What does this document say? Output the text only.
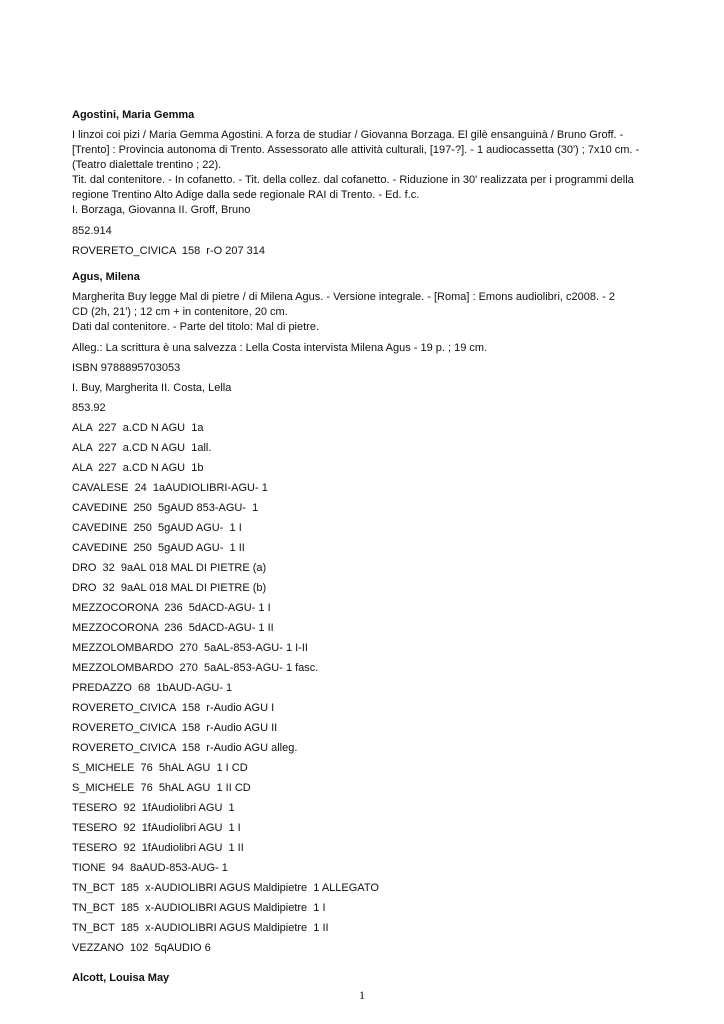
Agostini, Maria Gemma
I linzoi coi pizi / Maria Gemma Agostini. A forza de studiar / Giovanna Borzaga. El gilè ensanguinà / Bruno Groff. -
[Trento] : Provincia autonoma di Trento. Assessorato alle attività culturali, [197-?]. - 1 audiocassetta (30') ; 7x10 cm. -
(Teatro dialettale trentino ; 22).
Tit. dal contenitore. - In cofanetto. - Tit. della collez. dal cofanetto. - Riduzione in 30' realizzata per i programmi della
regione Trentino Alto Adige dalla sede regionale RAI di Trento. - Ed. f.c.
I. Borzaga, Giovanna II. Groff, Bruno
852.914
ROVERETO_CIVICA  158  r-O 207 314
Agus, Milena
Margherita Buy legge Mal di pietre / di Milena Agus. - Versione integrale. - [Roma] : Emons audiolibri, c2008. - 2
CD (2h, 21') ; 12 cm + in contenitore, 20 cm.
Dati dal contenitore. - Parte del titolo: Mal di pietre.
Alleg.: La scrittura è una salvezza : Lella Costa intervista Milena Agus - 19 p. ; 19 cm.
ISBN 9788895703053
I. Buy, Margherita II. Costa, Lella
853.92
ALA  227  a.CD N AGU  1a
ALA  227  a.CD N AGU  1all.
ALA  227  a.CD N AGU  1b
CAVALESE  24  1aAUDIOLIBRI-AGU- 1
CAVEDINE  250  5gAUD 853-AGU-  1
CAVEDINE  250  5gAUD AGU-  1 I
CAVEDINE  250  5gAUD AGU-  1 II
DRO  32  9aAL 018 MAL DI PIETRE (a)
DRO  32  9aAL 018 MAL DI PIETRE (b)
MEZZOCORONA  236  5dACD-AGU- 1 I
MEZZOCORONA  236  5dACD-AGU- 1 II
MEZZOLOMBARDO  270  5aAL-853-AGU- 1 I-II
MEZZOLOMBARDO  270  5aAL-853-AGU- 1 fasc.
PREDAZZO  68  1bAUD-AGU- 1
ROVERETO_CIVICA  158  r-Audio AGU I
ROVERETO_CIVICA  158  r-Audio AGU II
ROVERETO_CIVICA  158  r-Audio AGU alleg.
S_MICHELE  76  5hAL AGU  1 I CD
S_MICHELE  76  5hAL AGU  1 II CD
TESERO  92  1fAudiolibri AGU  1
TESERO  92  1fAudiolibri AGU  1 I
TESERO  92  1fAudiolibri AGU  1 II
TIONE  94  8aAUD-853-AUG- 1
TN_BCT  185  x-AUDIOLIBRI AGUS Maldipietre  1 ALLEGATO
TN_BCT  185  x-AUDIOLIBRI AGUS Maldipietre  1 I
TN_BCT  185  x-AUDIOLIBRI AGUS Maldipietre  1 II
VEZZANO  102  5qAUDIO 6
Alcott, Louisa May
1
